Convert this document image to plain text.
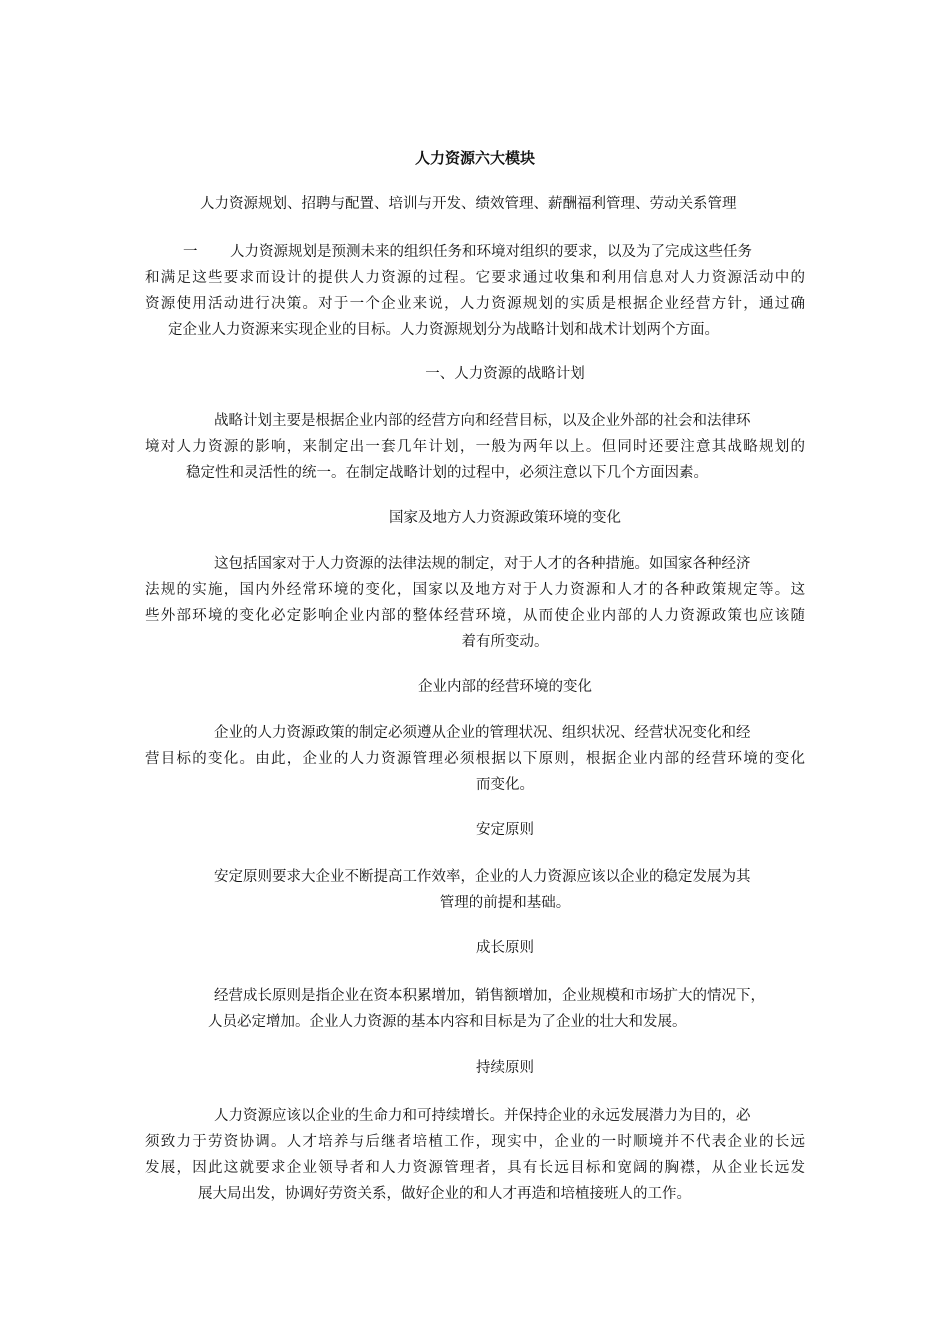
人力资源六大模块
人力资源规划、招聘与配置、培训与开发、绩效管理、薪酬福利管理、劳动关系管理
一 人力资源规划是预测未来的组织任务和环境对组织的要求，以及为了完成这些任务
和满足这些要求而设计的提供人力资源的过程。它要求通过收集和利用信息对人力资源活动中的
资源使用活动进行决策。对于一个企业来说，人力资源规划的实质是根据企业经营方针，通过确
定企业人力资源来实现企业的目标。人力资源规划分为战略计划和战术计划两个方面。
一、人力资源的战略计划
战略计划主要是根据企业内部的经营方向和经营目标，以及企业外部的社会和法律环
境对人力资源的影响，来制定出一套几年计划，一般为两年以上。但同时还要注意其战略规划的
稳定性和灵活性的统一。在制定战略计划的过程中，必须注意以下几个方面因素。
国家及地方人力资源政策环境的变化
这包括国家对于人力资源的法律法规的制定，对于人才的各种措施。如国家各种经济
法规的实施，国内外经常环境的变化，国家以及地方对于人力资源和人才的各种政策规定等。这
些外部环境的变化必定影响企业内部的整体经营环境，从而使企业内部的人力资源政策也应该随
着有所变动。
企业内部的经营环境的变化
企业的人力资源政策的制定必须遵从企业的管理状况、组织状况、经营状况变化和经
营目标的变化。由此，企业的人力资源管理必须根据以下原则，根据企业内部的经营环境的变化
而变化。
安定原则
安定原则要求大企业不断提高工作效率，企业的人力资源应该以企业的稳定发展为其
管理的前提和基础。
成长原则
经营成长原则是指企业在资本积累增加，销售额增加，企业规模和市场扩大的情况下，
人员必定增加。企业人力资源的基本内容和目标是为了企业的壮大和发展。
持续原则
人力资源应该以企业的生命力和可持续增长。并保持企业的永远发展潜力为目的，必
须致力于劳资协调。人才培养与后继者培植工作，现实中，企业的一时顺境并不代表企业的长远
发展，因此这就要求企业领导者和人力资源管理者，具有长远目标和宽阔的胸襟，从企业长远发
展大局出发，协调好劳资关系，做好企业的和人才再造和培植接班人的工作。
